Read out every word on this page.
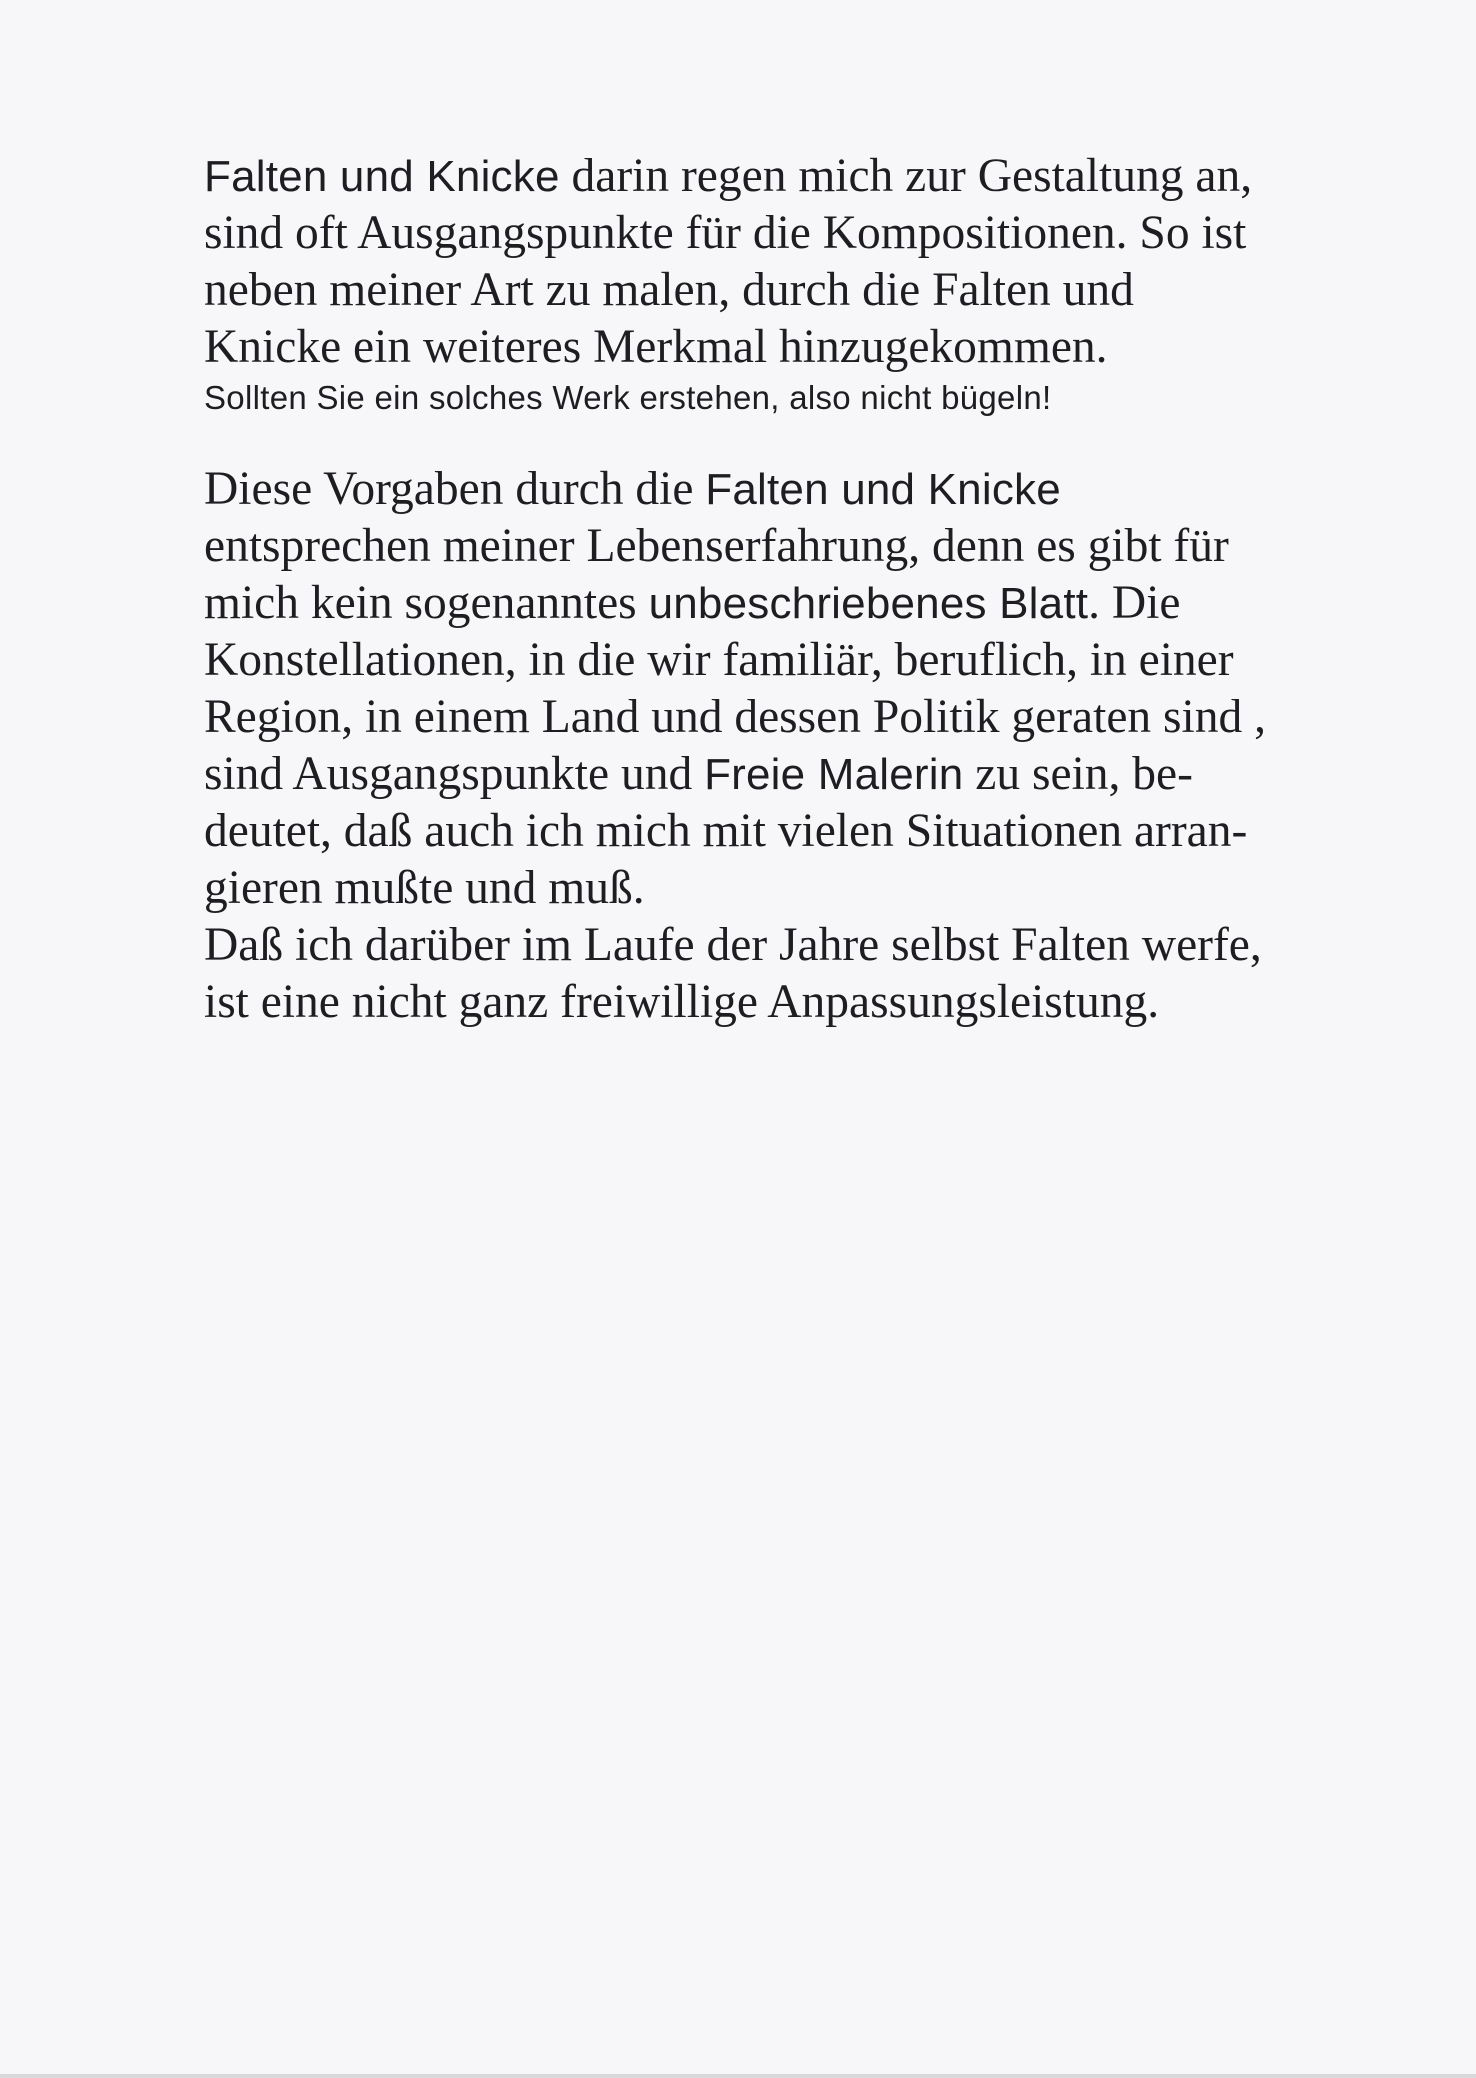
Falten und Knicke darin regen mich zur Gestaltung an,
sind oft Ausgangspunkte für die Kompositionen. So ist
neben meiner Art zu malen, durch die Falten und
Knicke ein weiteres Merkmal hinzugekommen.
Sollten Sie ein solches Werk erstehen, also nicht bügeln!
Diese Vorgaben durch die Falten und Knicke
entsprechen meiner Lebenserfahrung, denn es gibt für
mich kein sogenanntes unbeschriebenes Blatt. Die
Konstellationen, in die wir familiär, beruflich, in einer
Region, in einem Land und dessen Politik geraten sind ,
sind Ausgangspunkte und Freie Malerin zu sein, be-
deutet, daß auch ich mich mit vielen Situationen arran-
gieren mußte und muß.
Daß ich darüber im Laufe der Jahre selbst Falten werfe,
ist eine nicht ganz freiwillige Anpassungsleistung.
